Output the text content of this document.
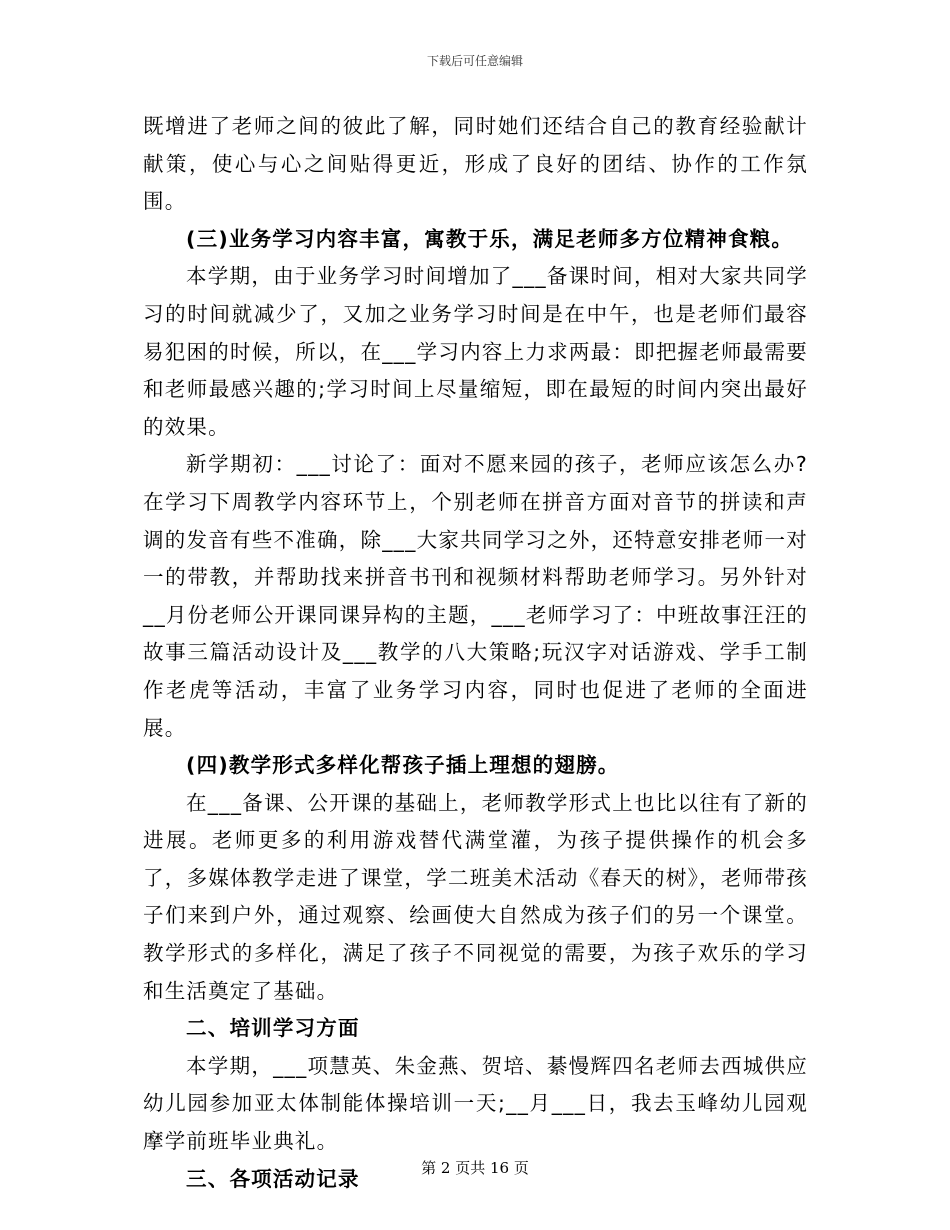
下载后可任意编辑

既增进了老师之间的彼此了解，同时她们还结合自己的教育经验献计献策，使心与心之间贴得更近，形成了良好的团结、协作的工作氛围。

(三)业务学习内容丰富，寓教于乐，满足老师多方位精神食粮。

本学期，由于业务学习时间增加了___备课时间，相对大家共同学习的时间就减少了，又加之业务学习时间是在中午，也是老师们最容易犯困的时候，所以，在___学习内容上力求两最：即把握老师最需要和老师最感兴趣的;学习时间上尽量缩短，即在最短的时间内突出最好的效果。

新学期初：___讨论了：面对不愿来园的孩子，老师应该怎么办?在学习下周教学内容环节上，个别老师在拼音方面对音节的拼读和声调的发音有些不准确，除___大家共同学习之外，还特意安排老师一对一的带教，并帮助找来拼音书刊和视频材料帮助老师学习。另外针对__月份老师公开课同课异构的主题，___老师学习了：中班故事汪汪的故事三篇活动设计及___教学的八大策略;玩汉字对话游戏、学手工制作老虎等活动，丰富了业务学习内容，同时也促进了老师的全面进展。

(四)教学形式多样化帮孩子插上理想的翅膀。

在___备课、公开课的基础上，老师教学形式上也比以往有了新的进展。老师更多的利用游戏替代满堂灌，为孩子提供操作的机会多了，多媒体教学走进了课堂，学二班美术活动《春天的树》，老师带孩子们来到户外，通过观察、绘画使大自然成为孩子们的另一个课堂。教学形式的多样化，满足了孩子不同视觉的需要，为孩子欢乐的学习和生活奠定了基础。

二、培训学习方面

本学期，___项慧英、朱金燕、贺培、綦慢辉四名老师去西城供应幼儿园参加亚太体制能体操培训一天;__月___日，我去玉峰幼儿园观摩学前班毕业典礼。

三、各项活动记录	第 2 页共 16 页
